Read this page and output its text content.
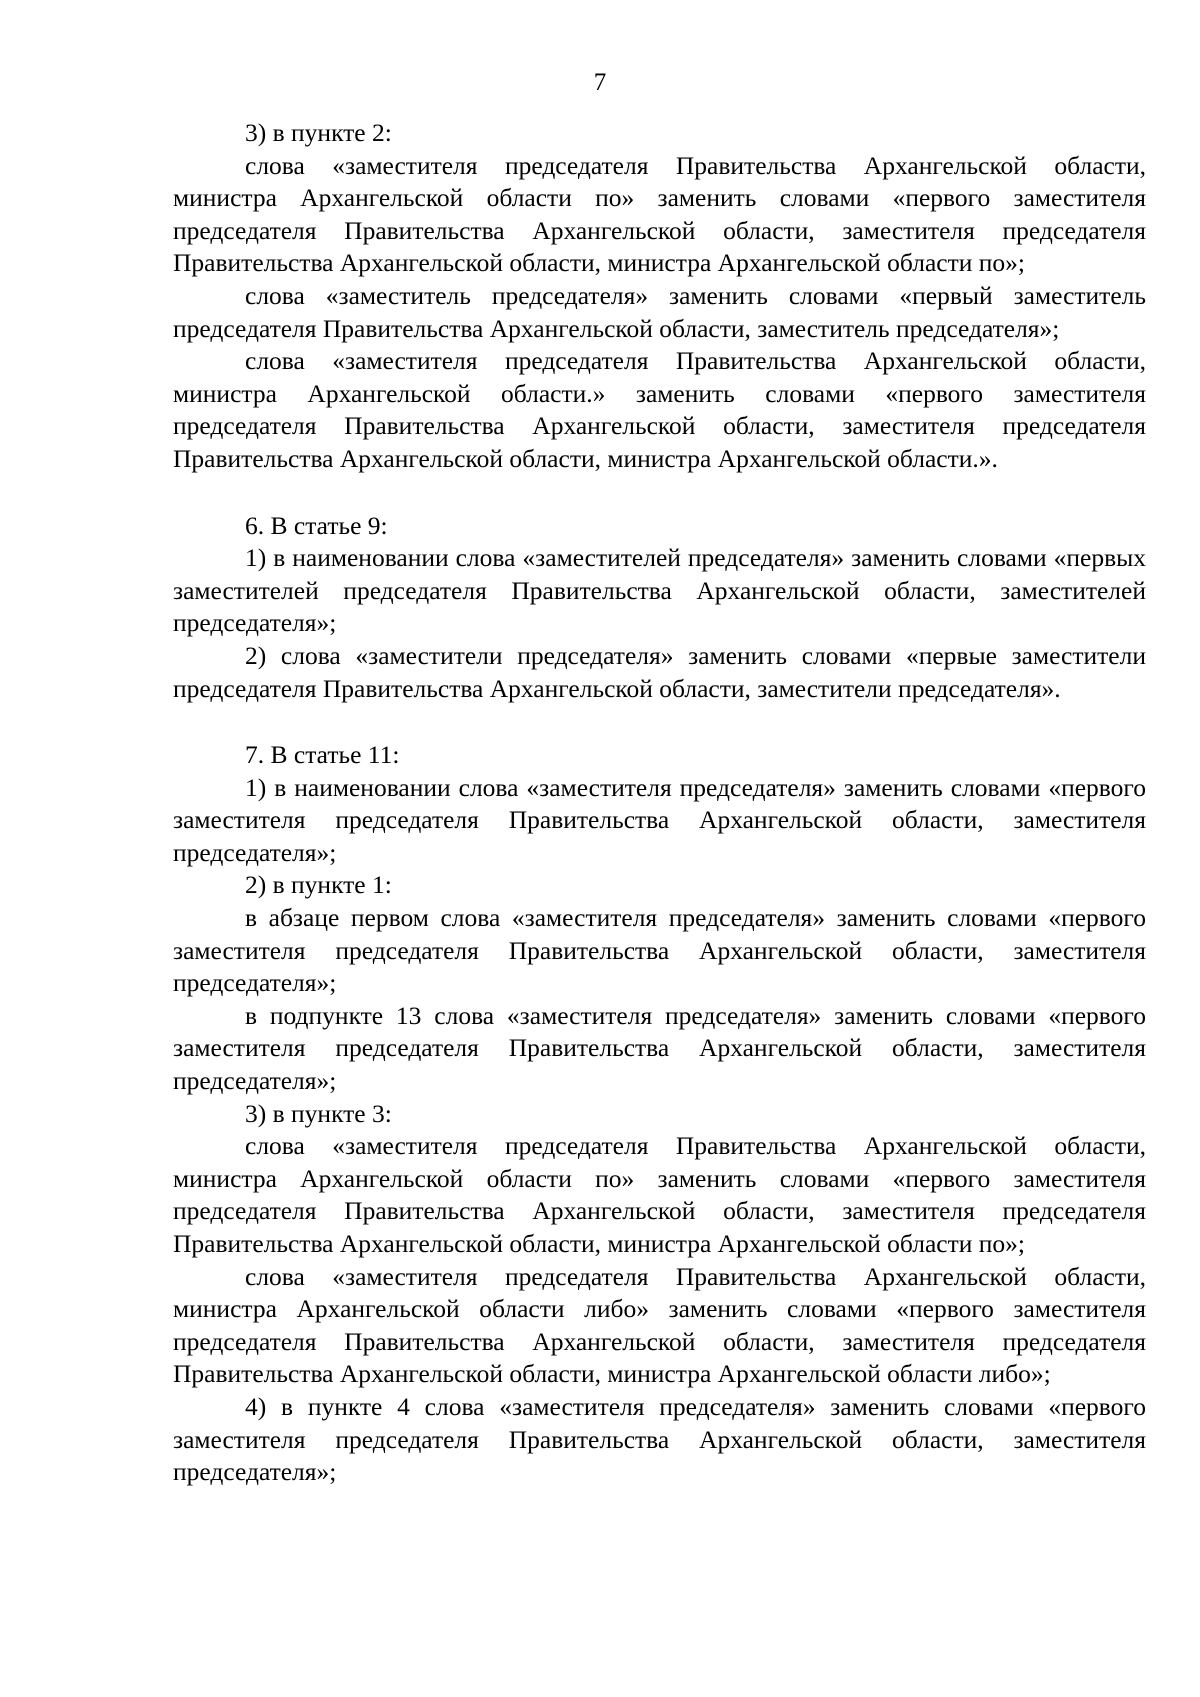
7

3) в пункте 2:

слова «заместителя председателя Правительства Архангельской области, министра Архангельской области по» заменить словами «первого заместителя председателя Правительства Архангельской области, заместителя председателя Правительства Архангельской области, министра Архангельской области по»;

слова «заместитель председателя» заменить словами «первый заместитель председателя Правительства Архангельской области, заместитель председателя»;

слова «заместителя председателя Правительства Архангельской области, министра Архангельской области.» заменить словами «первого заместителя председателя Правительства Архангельской области, заместителя председателя Правительства Архангельской области, министра Архангельской области.».

6. В статье 9:

1) в наименовании слова «заместителей председателя» заменить словами «первых заместителей председателя Правительства Архангельской области, заместителей председателя»;

2) слова «заместители председателя» заменить словами «первые заместители председателя Правительства Архангельской области, заместители председателя».

7. В статье 11:

1) в наименовании слова «заместителя председателя» заменить словами «первого заместителя председателя Правительства Архангельской области, заместителя председателя»;

2) в пункте 1:

в абзаце первом слова «заместителя председателя» заменить словами «первого заместителя председателя Правительства Архангельской области, заместителя председателя»;

в подпункте 13 слова «заместителя председателя» заменить словами «первого заместителя председателя Правительства Архангельской области, заместителя председателя»;

3) в пункте 3:

слова «заместителя председателя Правительства Архангельской области, министра Архангельской области по» заменить словами «первого заместителя председателя Правительства Архангельской области, заместителя председателя Правительства Архангельской области, министра Архангельской области по»;

слова «заместителя председателя Правительства Архангельской области, министра Архангельской области либо» заменить словами «первого заместителя председателя Правительства Архангельской области, заместителя председателя Правительства Архангельской области, министра Архангельской области либо»;

4) в пункте 4 слова «заместителя председателя» заменить словами «первого заместителя председателя Правительства Архангельской области, заместителя председателя»;
